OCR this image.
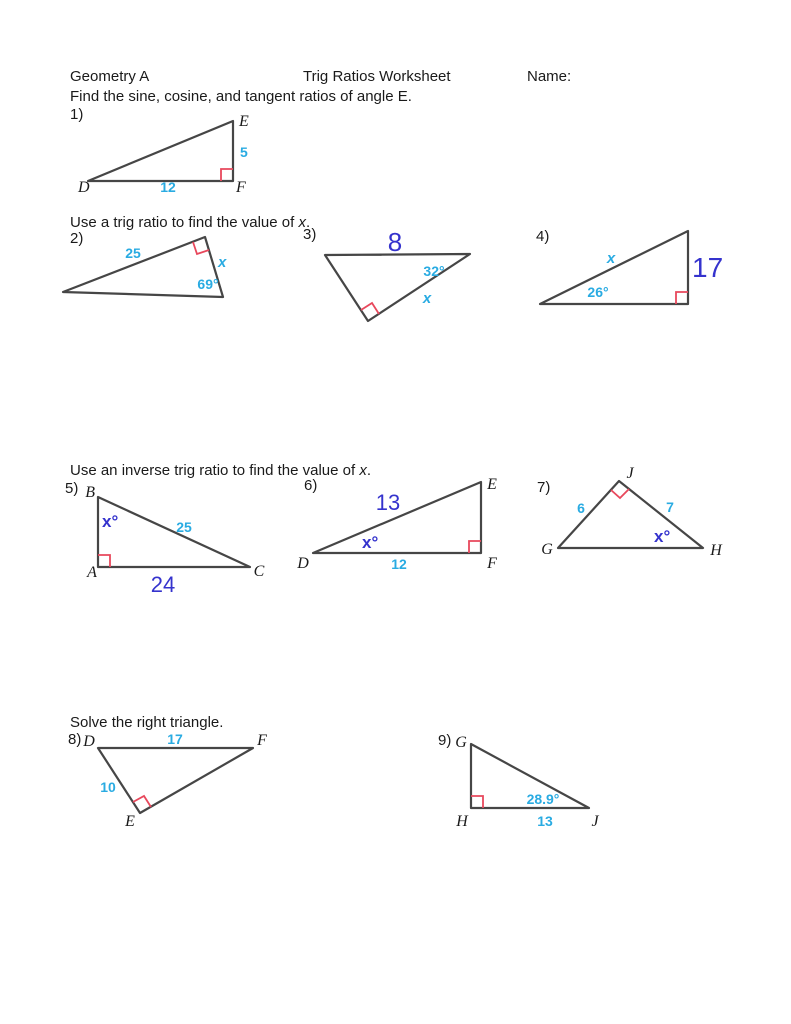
Geometry A	Trig Ratios Worksheet	Name:
Find the sine, cosine, and tangent ratios of angle E.
1)	E
5
D	12	F
Use a trig ratio to find the value of x.
2)	3)	4)
25
x
69°
8
32°
x
x
26°
17
Use an inverse trig ratio to find the value of x.
5)	6)	7)
B
x°	25
A	C
24
13
x°
12
D
E
F
6	7
x°
G
J
H
Solve the right triangle.
8)	9)
17
10
D
E
F
28.9°
13
G
H	J
